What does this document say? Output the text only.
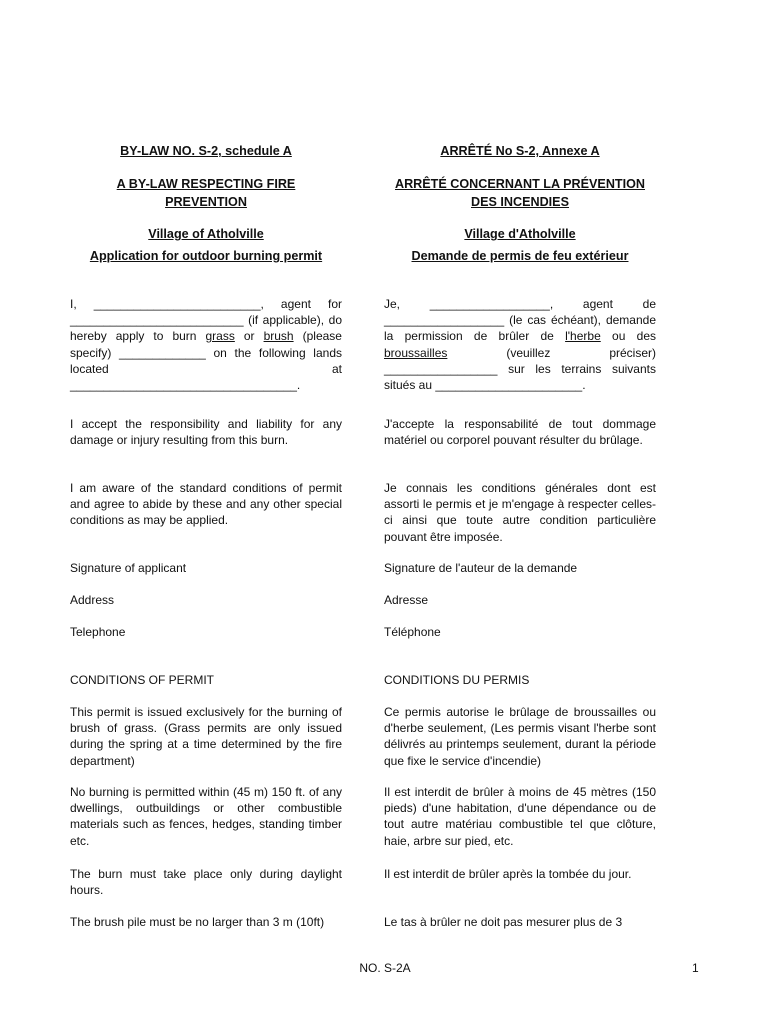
BY-LAW NO. S-2, schedule A
A BY-LAW RESPECTING FIRE PREVENTION
Village of Atholville
Application for outdoor burning permit
I, _________________________, agent for __________________________ (if applicable), do hereby apply to burn grass or brush (please specify) _____________ on the following lands located at __________________________________.
I accept the responsibility and liability for any damage or injury resulting from this burn.
I am aware of the standard conditions of permit and agree to abide by these and any other special conditions as may be applied.
Signature of applicant
Address
Telephone
CONDITIONS OF PERMIT
This permit is issued exclusively for the burning of brush of grass. (Grass permits are only issued during the spring at a time determined by the fire department)
No burning is permitted within (45 m) 150 ft. of any dwellings, outbuildings or other combustible materials such as fences, hedges, standing timber etc.
The burn must take place only during daylight hours.
The brush pile must be no larger than 3 m (10ft)
ARRÊTÉ No S-2, Annexe A
ARRÊTÉ CONCERNANT LA PRÉVENTION DES INCENDIES
Village d'Atholville
Demande de permis de feu extérieur
Je, __________________, agent de __________________ (le cas échéant), demande la permission de brûler de l'herbe ou des broussailles (veuillez préciser) _________________ sur les terrains suivants situés au ______________________.
J'accepte la responsabilité de tout dommage matériel ou corporel pouvant résulter du brûlage.
Je connais les conditions générales dont est assorti le permis et je m'engage à respecter celles-ci ainsi que toute autre condition particulière pouvant être imposée.
Signature de l'auteur de la demande
Adresse
Téléphone
CONDITIONS DU PERMIS
Ce permis autorise le brûlage de broussailles ou d'herbe seulement, (Les permis visant l'herbe sont délivrés au printemps seulement, durant la période que fixe le service d'incendie)
Il est interdit de brûler à moins de 45 mètres (150 pieds) d'une habitation, d'une dépendance ou de tout autre matériau combustible tel que clôture, haie, arbre sur pied, etc.
Il est interdit de brûler après la tombée du jour.
Le tas à brûler ne doit pas mesurer plus de 3
NO. S-2A	1
